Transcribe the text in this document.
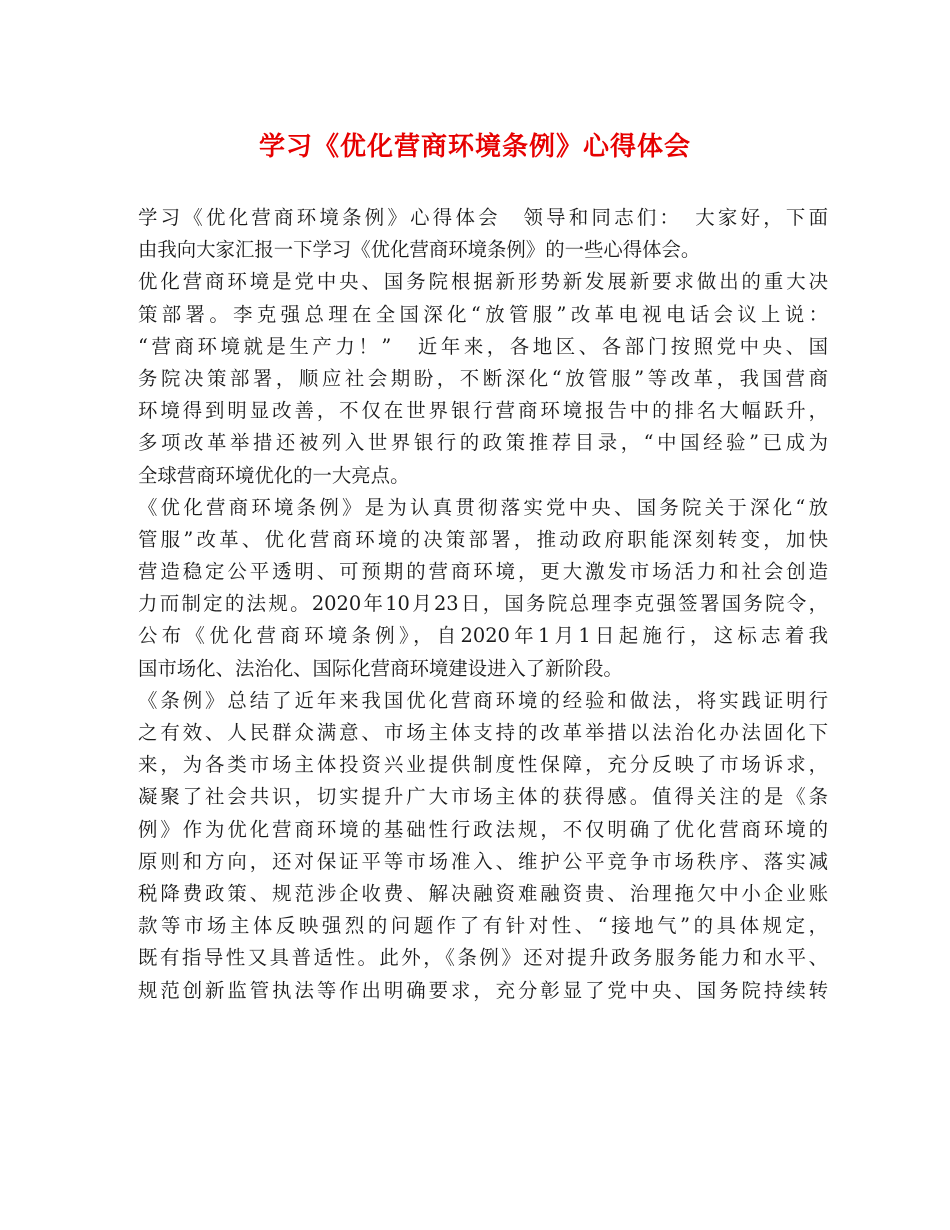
学习《优化营商环境条例》心得体会
学习《优化营商环境条例》心得体会　领导和同志们：　大家好，下面
由我向大家汇报一下学习《优化营商环境条例》的一些心得体会。
优化营商环境是党中央、国务院根据新形势新发展新要求做出的重大决
策部署。李克强总理在全国深化“放管服”改革电视电话会议上说：
“营商环境就是生产力！”　近年来，各地区、各部门按照党中央、国
务院决策部署，顺应社会期盼，不断深化“放管服”等改革，我国营商
环境得到明显改善，不仅在世界银行营商环境报告中的排名大幅跃升，
多项改革举措还被列入世界银行的政策推荐目录，“中国经验”已成为
全球营商环境优化的一大亮点。
《优化营商环境条例》是为认真贯彻落实党中央、国务院关于深化“放
管服”改革、优化营商环境的决策部署，推动政府职能深刻转变，加快
营造稳定公平透明、可预期的营商环境，更大激发市场活力和社会创造
力而制定的法规。2020年10月23日，国务院总理李克强签署国务院令，
公布《优化营商环境条例》，自2020年1月1日起施行，这标志着我
国市场化、法治化、国际化营商环境建设进入了新阶段。
《条例》总结了近年来我国优化营商环境的经验和做法，将实践证明行
之有效、人民群众满意、市场主体支持的改革举措以法治化办法固化下
来，为各类市场主体投资兴业提供制度性保障，充分反映了市场诉求，
凝聚了社会共识，切实提升广大市场主体的获得感。值得关注的是《条
例》作为优化营商环境的基础性行政法规，不仅明确了优化营商环境的
原则和方向，还对保证平等市场准入、维护公平竞争市场秩序、落实减
税降费政策、规范涉企收费、解决融资难融资贵、治理拖欠中小企业账
款等市场主体反映强烈的问题作了有针对性、“接地气”的具体规定，
既有指导性又具普适性。此外，《条例》还对提升政务服务能力和水平、
规范创新监管执法等作出明确要求，充分彰显了党中央、国务院持续转
